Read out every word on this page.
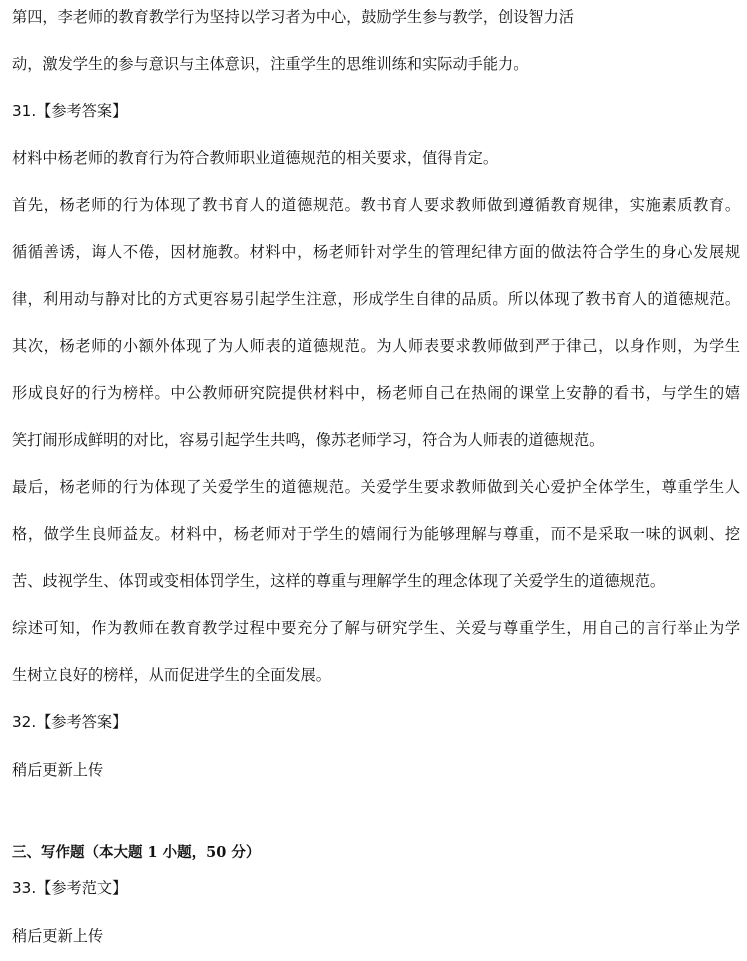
第四，李老师的教育教学行为坚持以学习者为中心，鼓励学生参与教学，创设智力活
动，激发学生的参与意识与主体意识，注重学生的思维训练和实际动手能力。
31.【参考答案】
材料中杨老师的教育行为符合教师职业道德规范的相关要求，值得肯定。
首先，杨老师的行为体现了教书育人的道德规范。教书育人要求教师做到遵循教育规律，实施素质教育。
循循善诱，诲人不倦，因材施教。材料中，杨老师针对学生的管理纪律方面的做法符合学生的身心发展规
律，利用动与静对比的方式更容易引起学生注意，形成学生自律的品质。所以体现了教书育人的道德规范。
其次，杨老师的小额外体现了为人师表的道德规范。为人师表要求教师做到严于律己，以身作则，为学生
形成良好的行为榜样。中公教师研究院提供材料中，杨老师自己在热闹的课堂上安静的看书，与学生的嬉
笑打闹形成鲜明的对比，容易引起学生共鸣，像苏老师学习，符合为人师表的道德规范。
最后，杨老师的行为体现了关爱学生的道德规范。关爱学生要求教师做到关心爱护全体学生，尊重学生人
格，做学生良师益友。材料中，杨老师对于学生的嬉闹行为能够理解与尊重，而不是采取一味的讽刺、挖
苦、歧视学生、体罚或变相体罚学生，这样的尊重与理解学生的理念体现了关爱学生的道德规范。
综述可知，作为教师在教育教学过程中要充分了解与研究学生、关爱与尊重学生，用自己的言行举止为学
生树立良好的榜样，从而促进学生的全面发展。
32.【参考答案】
稍后更新上传
三、写作题（本大题 1 小题，50 分）
33.【参考范文】
稍后更新上传
